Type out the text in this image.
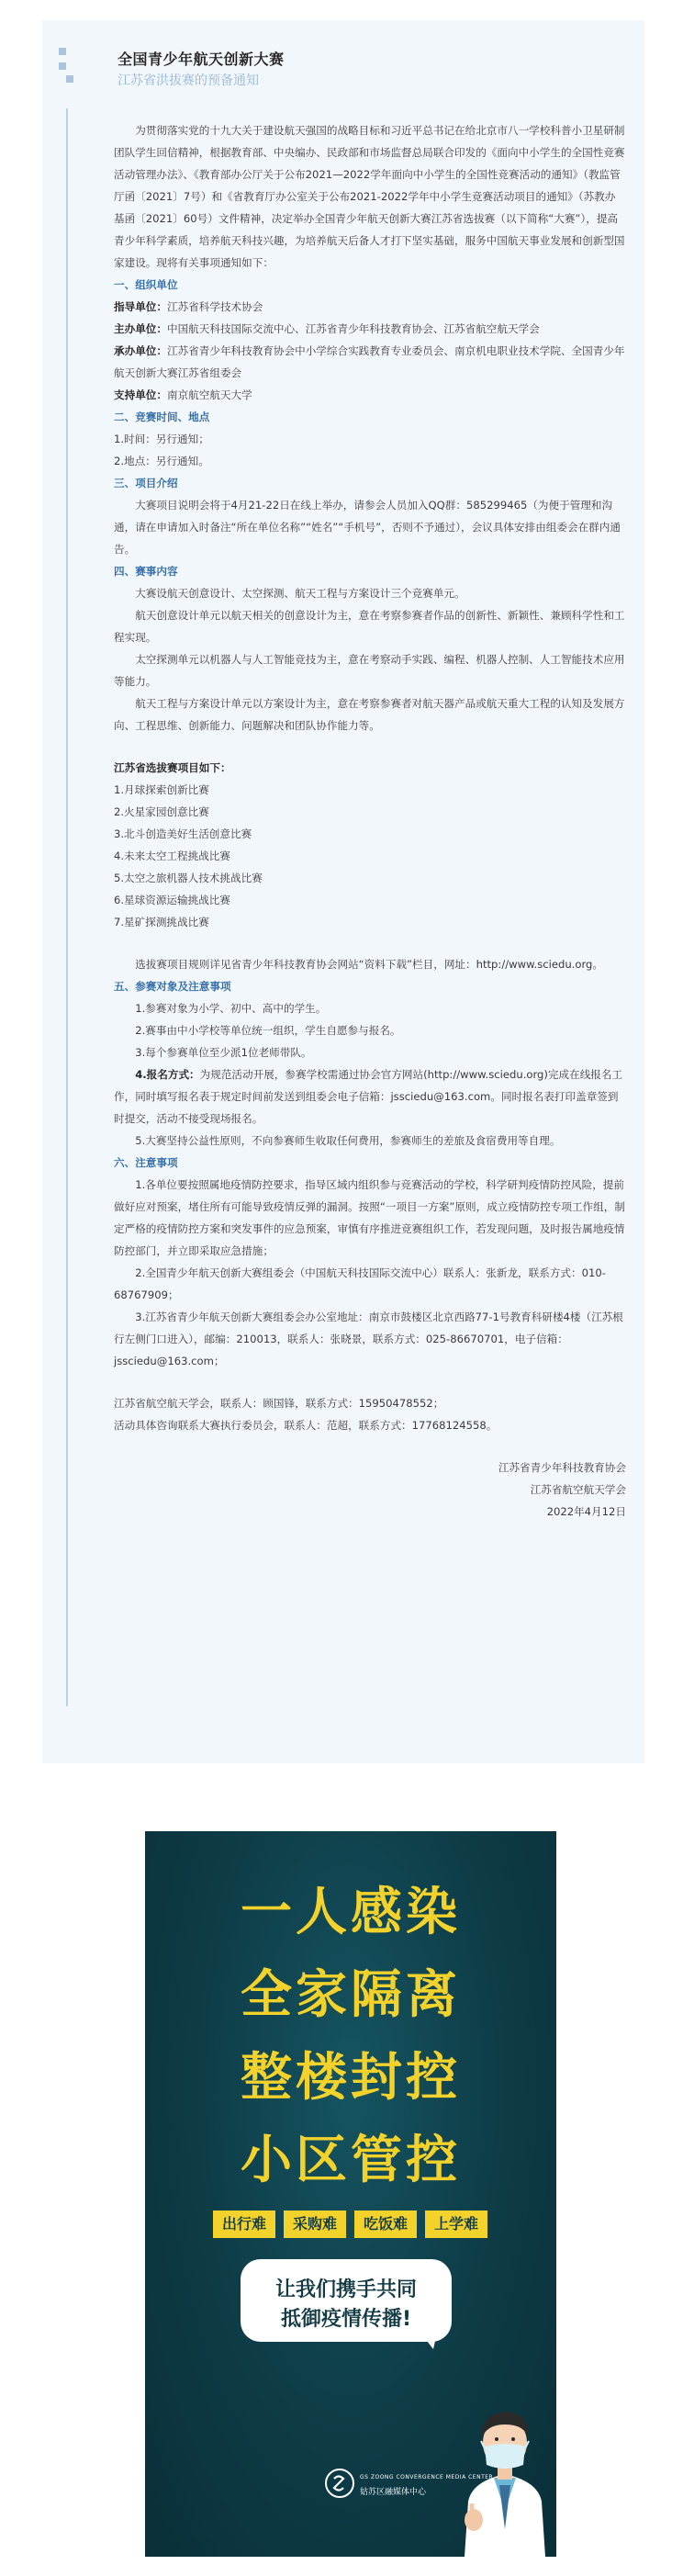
全国青少年航天创新大赛
江苏省洪拔赛的预备通知

为贯彻落实党的十九大关于建设航天强国的战略目标和习近平总书记在给北京市八一学校科普小卫星研制团队学生回信精神，根据教育部、中央编办、民政部和市场监督总局联合印发的《面向中小学生的全国性竞赛活动管理办法》、《教育部办公厅关于公布2021—2022学年面向中小学生的全国性竞赛活动的通知》（教监管厅函〔2021〕7号）和《省教育厅办公室关于公布2021-2022学年中小学生竞赛活动项目的通知》（苏教办基函〔2021〕60号）文件精神，决定举办全国青少年航天创新大赛江苏省选拔赛（以下简称“大赛”），提高青少年科学素质，培养航天科技兴趣，为培养航天后备人才打下坚实基础，服务中国航天事业发展和创新型国家建设。现将有关事项通知如下：

一、组织单位

指导单位：江苏省科学技术协会

主办单位：中国航天科技国际交流中心、江苏省青少年科技教育协会、江苏省航空航天学会

承办单位：江苏省青少年科技教育协会中小学综合实践教育专业委员会、南京机电职业技术学院、全国青少年航天创新大赛江苏省组委会

支持单位：南京航空航天大学

二、竞赛时间、地点

1.时间：另行通知；

2.地点：另行通知。

三、项目介绍

大赛项目说明会将于4月21-22日在线上举办，请参会人员加入QQ群：585299465（为便于管理和沟通，请在申请加入时备注“所在单位名称”“姓名”“手机号”，否则不予通过），会议具体安排由组委会在群内通告。

四、赛事内容

大赛设航天创意设计、太空探测、航天工程与方案设计三个竞赛单元。

航天创意设计单元以航天相关的创意设计为主，意在考察参赛者作品的创新性、新颖性、兼顾科学性和工程实现。

太空探测单元以机器人与人工智能竞技为主，意在考察动手实践、编程、机器人控制、人工智能技术应用等能力。

航天工程与方案设计单元以方案设计为主，意在考察参赛者对航天器产品或航天重大工程的认知及发展方向、工程思维、创新能力、问题解决和团队协作能力等。

江苏省选拔赛项目如下：

1.月球探索创新比赛

2.火星家园创意比赛

3.北斗创造美好生活创意比赛

4.未来太空工程挑战比赛

5.太空之旅机器人技术挑战比赛

6.星球资源运输挑战比赛

7.星矿探测挑战比赛

选拔赛项目规则详见省青少年科技教育协会网站“资料下载”栏目，网址：http://www.sciedu.org。

五、参赛对象及注意事项

1.参赛对象为小学、初中、高中的学生。

2.赛事由中小学校等单位统一组织，学生自愿参与报名。

3.每个参赛单位至少派1位老师带队。

4.报名方式：为规范活动开展，参赛学校需通过协会官方网站(http://www.sciedu.org)完成在线报名工作，同时填写报名表于规定时间前发送到组委会电子信箱：jssciedu@163.com。同时报名表打印盖章签到时提交，活动不接受现场报名。

5.大赛坚持公益性原则，不向参赛师生收取任何费用，参赛师生的差旅及食宿费用等自理。

六、注意事项

1.各单位要按照属地疫情防控要求，指导区域内组织参与竞赛活动的学校，科学研判疫情防控风险，提前做好应对预案，堵住所有可能导致疫情反弹的漏洞。按照“一项目一方案”原则，成立疫情防控专项工作组，制定严格的疫情防控方案和突发事件的应急预案，审慎有序推进竞赛组织工作，若发现问题，及时报告属地疫情防控部门，并立即采取应急措施；

2.全国青少年航天创新大赛组委会（中国航天科技国际交流中心）联系人：张新龙，联系方式：010-68767909；

3.江苏省青少年航天创新大赛组委会办公室地址：南京市鼓楼区北京西路77-1号教育科研楼4楼（江苏根行左侧门口进入），邮编：210013，联系人：张晓景，联系方式：025-86670701，电子信箱：jssciedu@163.com；

江苏省航空航天学会，联系人：顾国锋，联系方式：15950478552；

活动具体咨询联系大赛执行委员会，联系人：范超，联系方式：17768124558。

江苏省青少年科技教育协会

江苏省航空航天学会

2022年4月12日

一人感染
全家隔离
整楼封控
小区管控
出行难	采购难	吃饭难	上学难
让我们携手共同
抵御疫情传播!
GS ZOONG CONVERGENCE MEDIA CENTER
姑苏区融媒体中心
